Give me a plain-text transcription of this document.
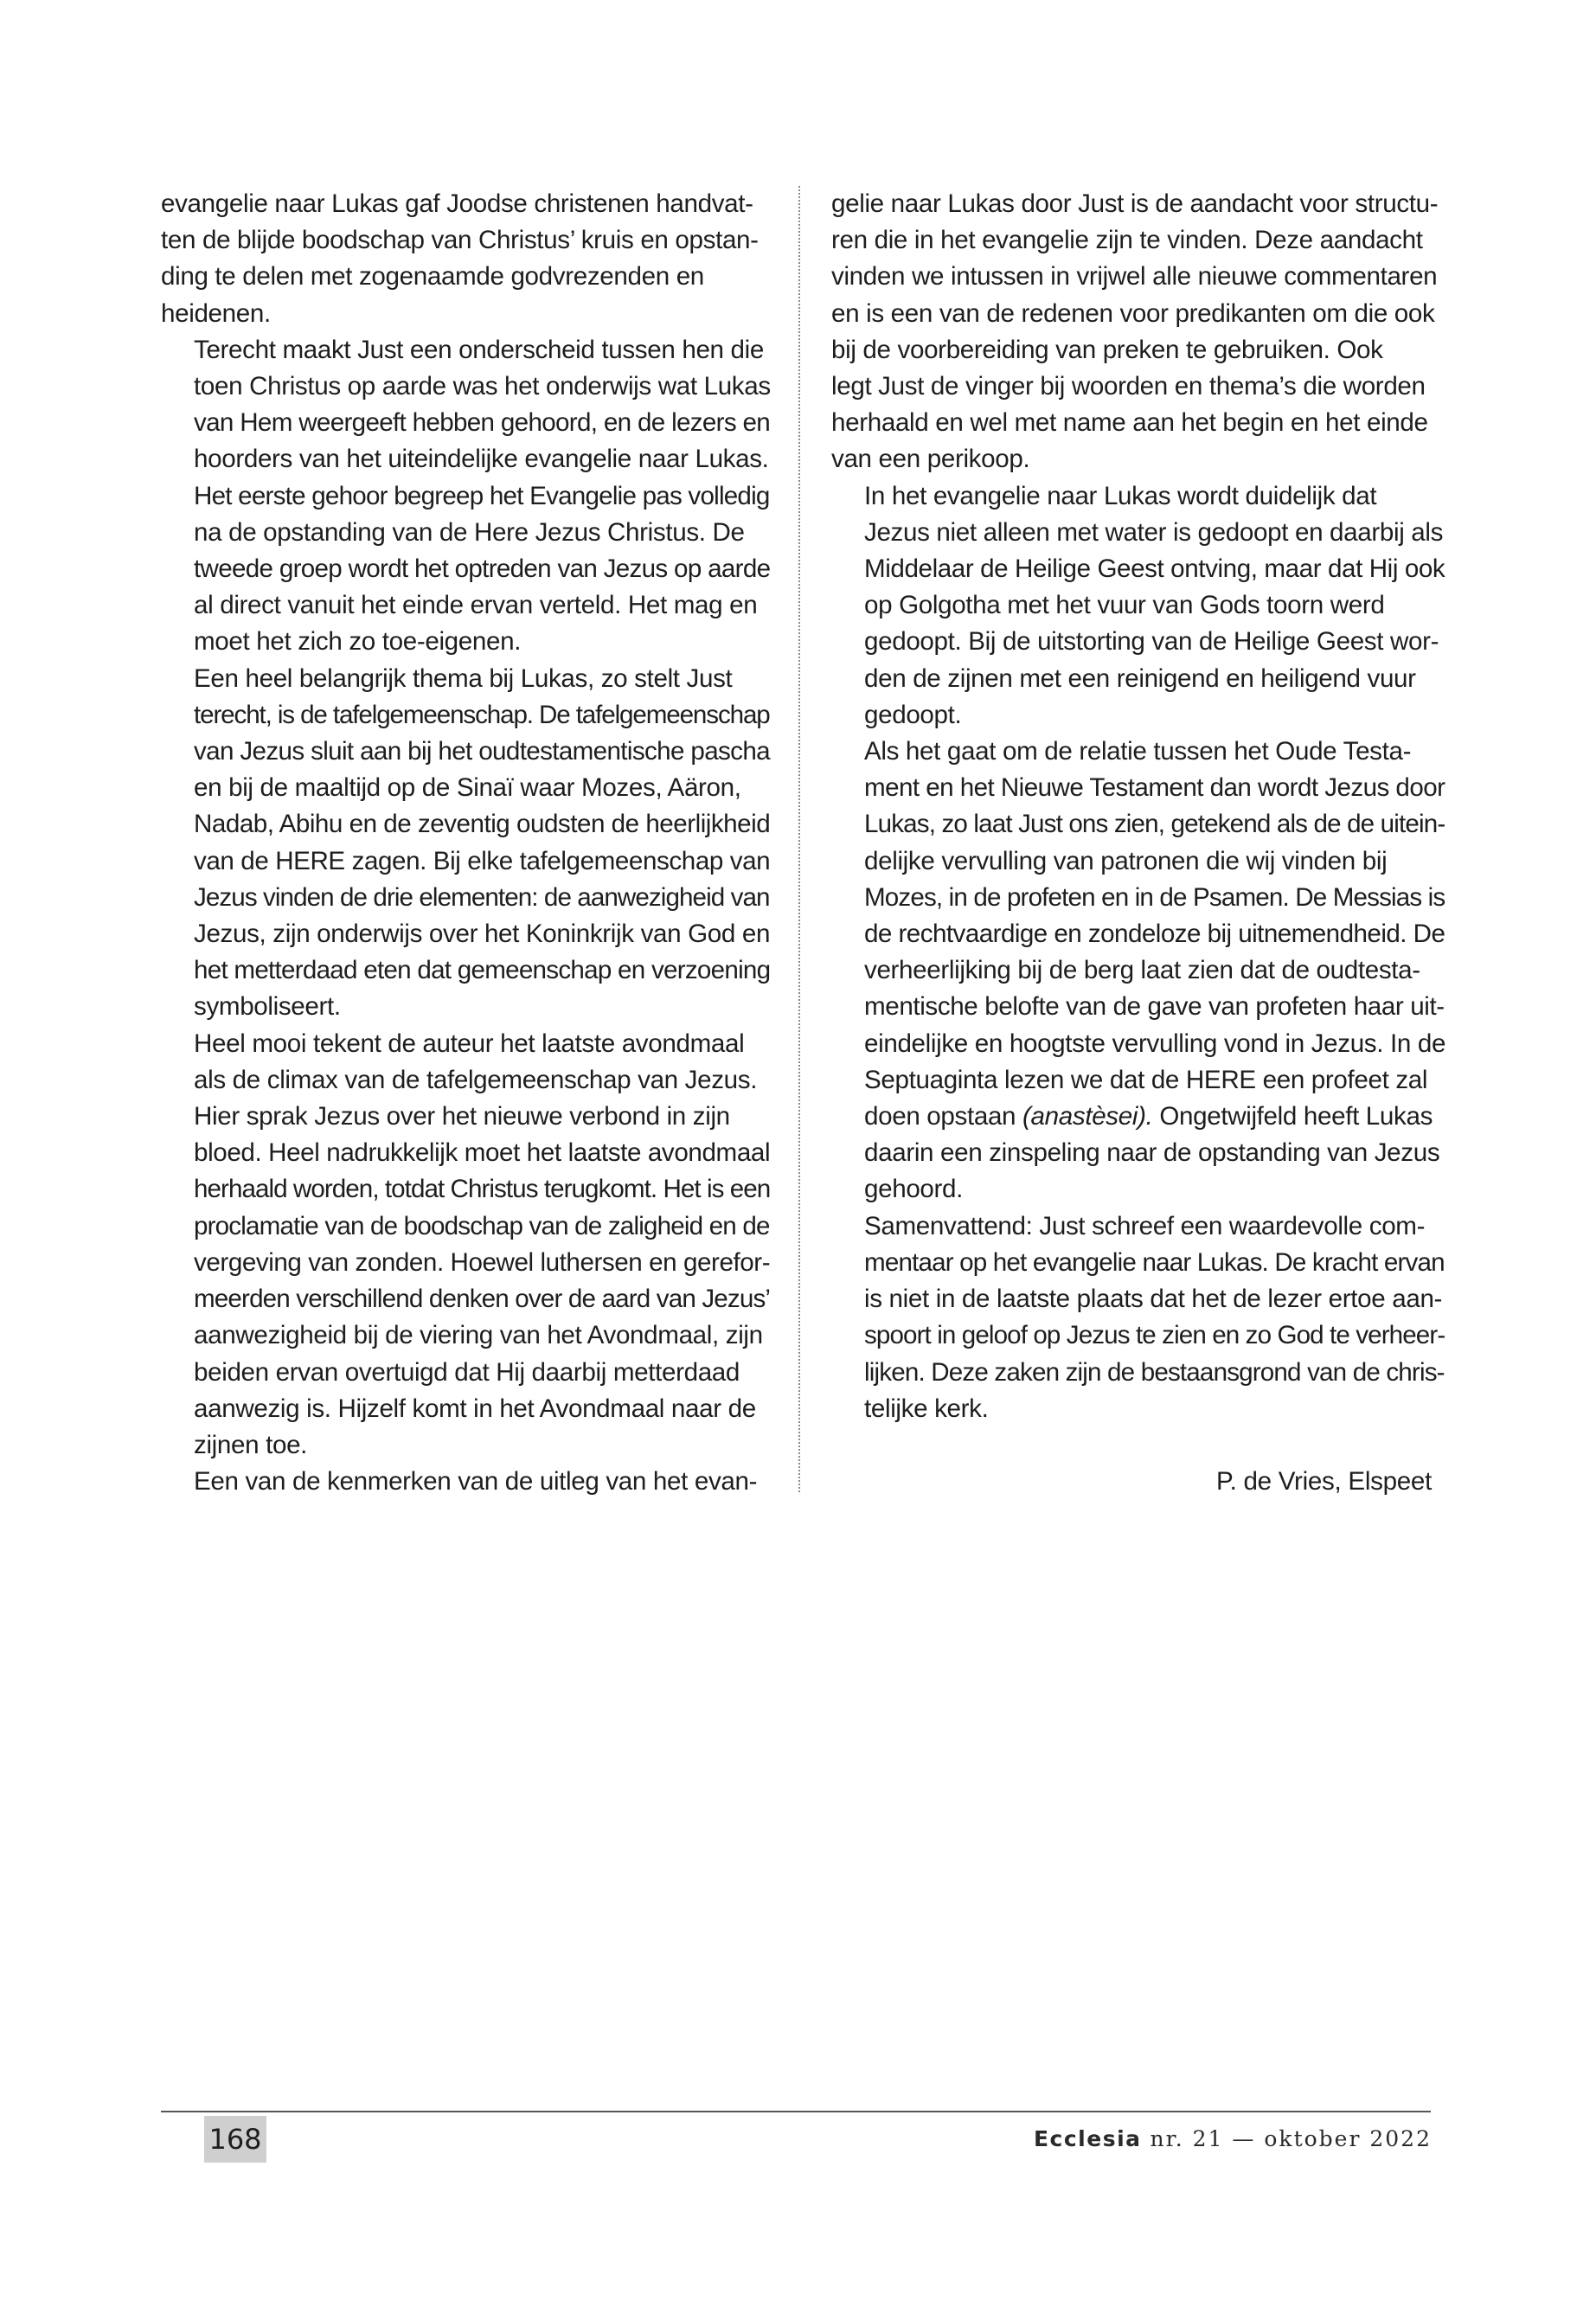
evangelie naar Lukas gaf Joodse christenen handvat-
ten de blijde boodschap van Christus’ kruis en opstan-
ding te delen met zogenaamde godvrezenden en
heidenen.

Terecht maakt Just een onderscheid tussen hen die
toen Christus op aarde was het onderwijs wat Lukas
van Hem weergeeft hebben gehoord, en de lezers en
hoorders van het uiteindelijke evangelie naar Lukas.
Het eerste gehoor begreep het Evangelie pas volledig
na de opstanding van de Here Jezus Christus. De
tweede groep wordt het optreden van Jezus op aarde
al direct vanuit het einde ervan verteld. Het mag en
moet het zich zo toe-eigenen.

Een heel belangrijk thema bij Lukas, zo stelt Just
terecht, is de tafelgemeenschap. De tafelgemeenschap
van Jezus sluit aan bij het oudtestamentische pascha
en bij de maaltijd op de Sinaï waar Mozes, Aäron,
Nadab, Abihu en de zeventig oudsten de heerlijkheid
van de HERE zagen. Bij elke tafelgemeenschap van
Jezus vinden de drie elementen: de aanwezigheid van
Jezus, zijn onderwijs over het Koninkrijk van God en
het metterdaad eten dat gemeenschap en verzoening
symboliseert.

Heel mooi tekent de auteur het laatste avondmaal
als de climax van de tafelgemeenschap van Jezus.
Hier sprak Jezus over het nieuwe verbond in zijn
bloed. Heel nadrukkelijk moet het laatste avondmaal
herhaald worden, totdat Christus terugkomt. Het is een
proclamatie van de boodschap van de zaligheid en de
vergeving van zonden. Hoewel luthersen en gerefor-
meerden verschillend denken over de aard van Jezus’
aanwezigheid bij de viering van het Avondmaal, zijn
beiden ervan overtuigd dat Hij daarbij metterdaad
aanwezig is. Hijzelf komt in het Avondmaal naar de
zijnen toe.

Een van de kenmerken van de uitleg van het evan-

gelie naar Lukas door Just is de aandacht voor structu-
ren die in het evangelie zijn te vinden. Deze aandacht
vinden we intussen in vrijwel alle nieuwe commentaren
en is een van de redenen voor predikanten om die ook
bij de voorbereiding van preken te gebruiken. Ook
legt Just de vinger bij woorden en thema’s die worden
herhaald en wel met name aan het begin en het einde
van een perikoop.

In het evangelie naar Lukas wordt duidelijk dat
Jezus niet alleen met water is gedoopt en daarbij als
Middelaar de Heilige Geest ontving, maar dat Hij ook
op Golgotha met het vuur van Gods toorn werd
gedoopt. Bij de uitstorting van de Heilige Geest wor-
den de zijnen met een reinigend en heiligend vuur
gedoopt.

Als het gaat om de relatie tussen het Oude Testa-
ment en het Nieuwe Testament dan wordt Jezus door
Lukas, zo laat Just ons zien, getekend als de de uitein-
delijke vervulling van patronen die wij vinden bij
Mozes, in de profeten en in de Psamen. De Messias is
de rechtvaardige en zondeloze bij uitnemendheid. De
verheerlijking bij de berg laat zien dat de oudtesta-
mentische belofte van de gave van profeten haar uit-
eindelijke en hoogtste vervulling vond in Jezus. In de
Septuaginta lezen we dat de HERE een profeet zal
doen opstaan (anastèsei). Ongetwijfeld heeft Lukas
daarin een zinspeling naar de opstanding van Jezus
gehoord.

Samenvattend: Just schreef een waardevolle com-
mentaar op het evangelie naar Lukas. De kracht ervan
is niet in de laatste plaats dat het de lezer ertoe aan-
spoort in geloof op Jezus te zien en zo God te verheer-
lijken. Deze zaken zijn de bestaansgrond van de chris-
telijke kerk.

P. de Vries, Elspeet
168	Ecclesia nr. 21 — oktober 2022
